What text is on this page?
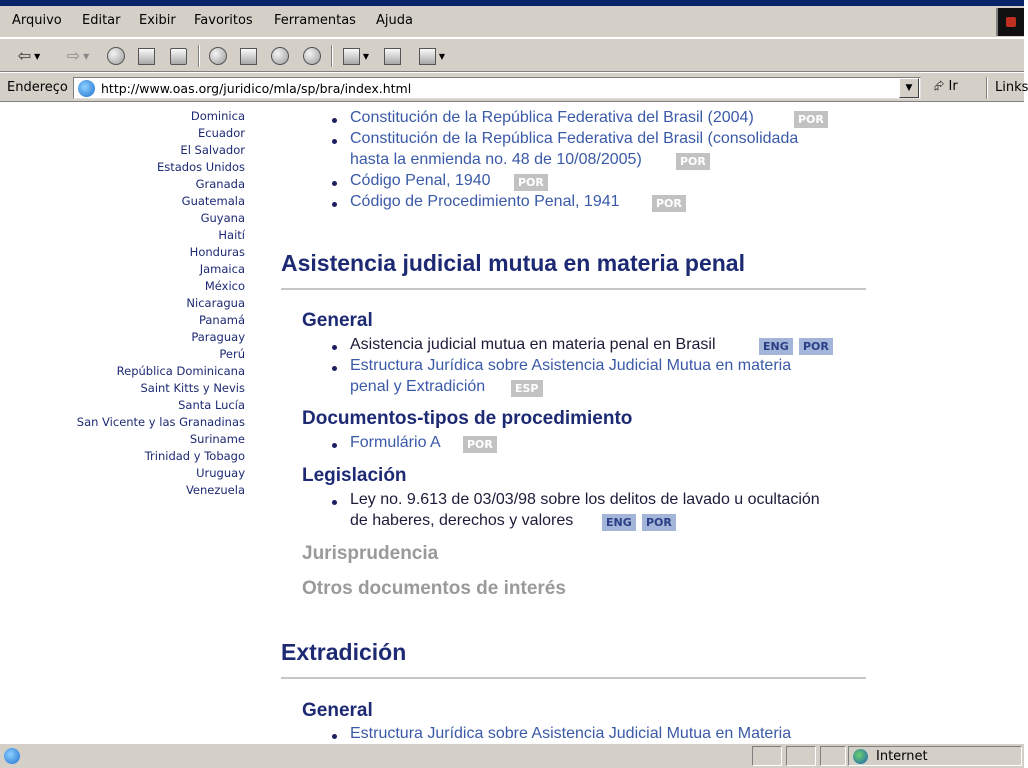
Arquivo Editar Exibir Favoritos Ferramentas Ajuda
⇦ ▼ ⇨ ▼	▼	▼
Endereço
http://www.oas.org/juridico/mla/sp/bra/index.html	▼	⮳ Ir	Links
Dominica
Ecuador
El Salvador
Estados Unidos
Granada
Guatemala
Guyana
Haití
Honduras
Jamaica
México
Nicaragua
Panamá
Paraguay
Perú
República Dominicana
Saint Kitts y Nevis
Santa Lucía
San Vicente y las Granadinas
Suriname
Trinidad y Tobago
Uruguay
Venezuela
Constitución de la República Federativa del Brasil (2004)	POR
Constitución de la República Federativa del Brasil (consolidada
hasta la enmienda no. 48 de 10/08/2005)	POR
Código Penal, 1940	POR
Código de Procedimiento Penal, 1941	POR
Asistencia judicial mutua en materia penal
General
Asistencia judicial mutua en materia penal en Brasil	ENG	POR
Estructura Jurídica sobre Asistencia Judicial Mutua en materia
penal y Extradición	ESP
Documentos-tipos de procedimiento
Formulário A	POR
Legislación
Ley no. 9.613 de 03/03/98 sobre los delitos de lavado u ocultación
de haberes, derechos y valores	ENG	POR
Jurisprudencia
Otros documentos de interés
Extradición
General
Estructura Jurídica sobre Asistencia Judicial Mutua en Materia
Internet
